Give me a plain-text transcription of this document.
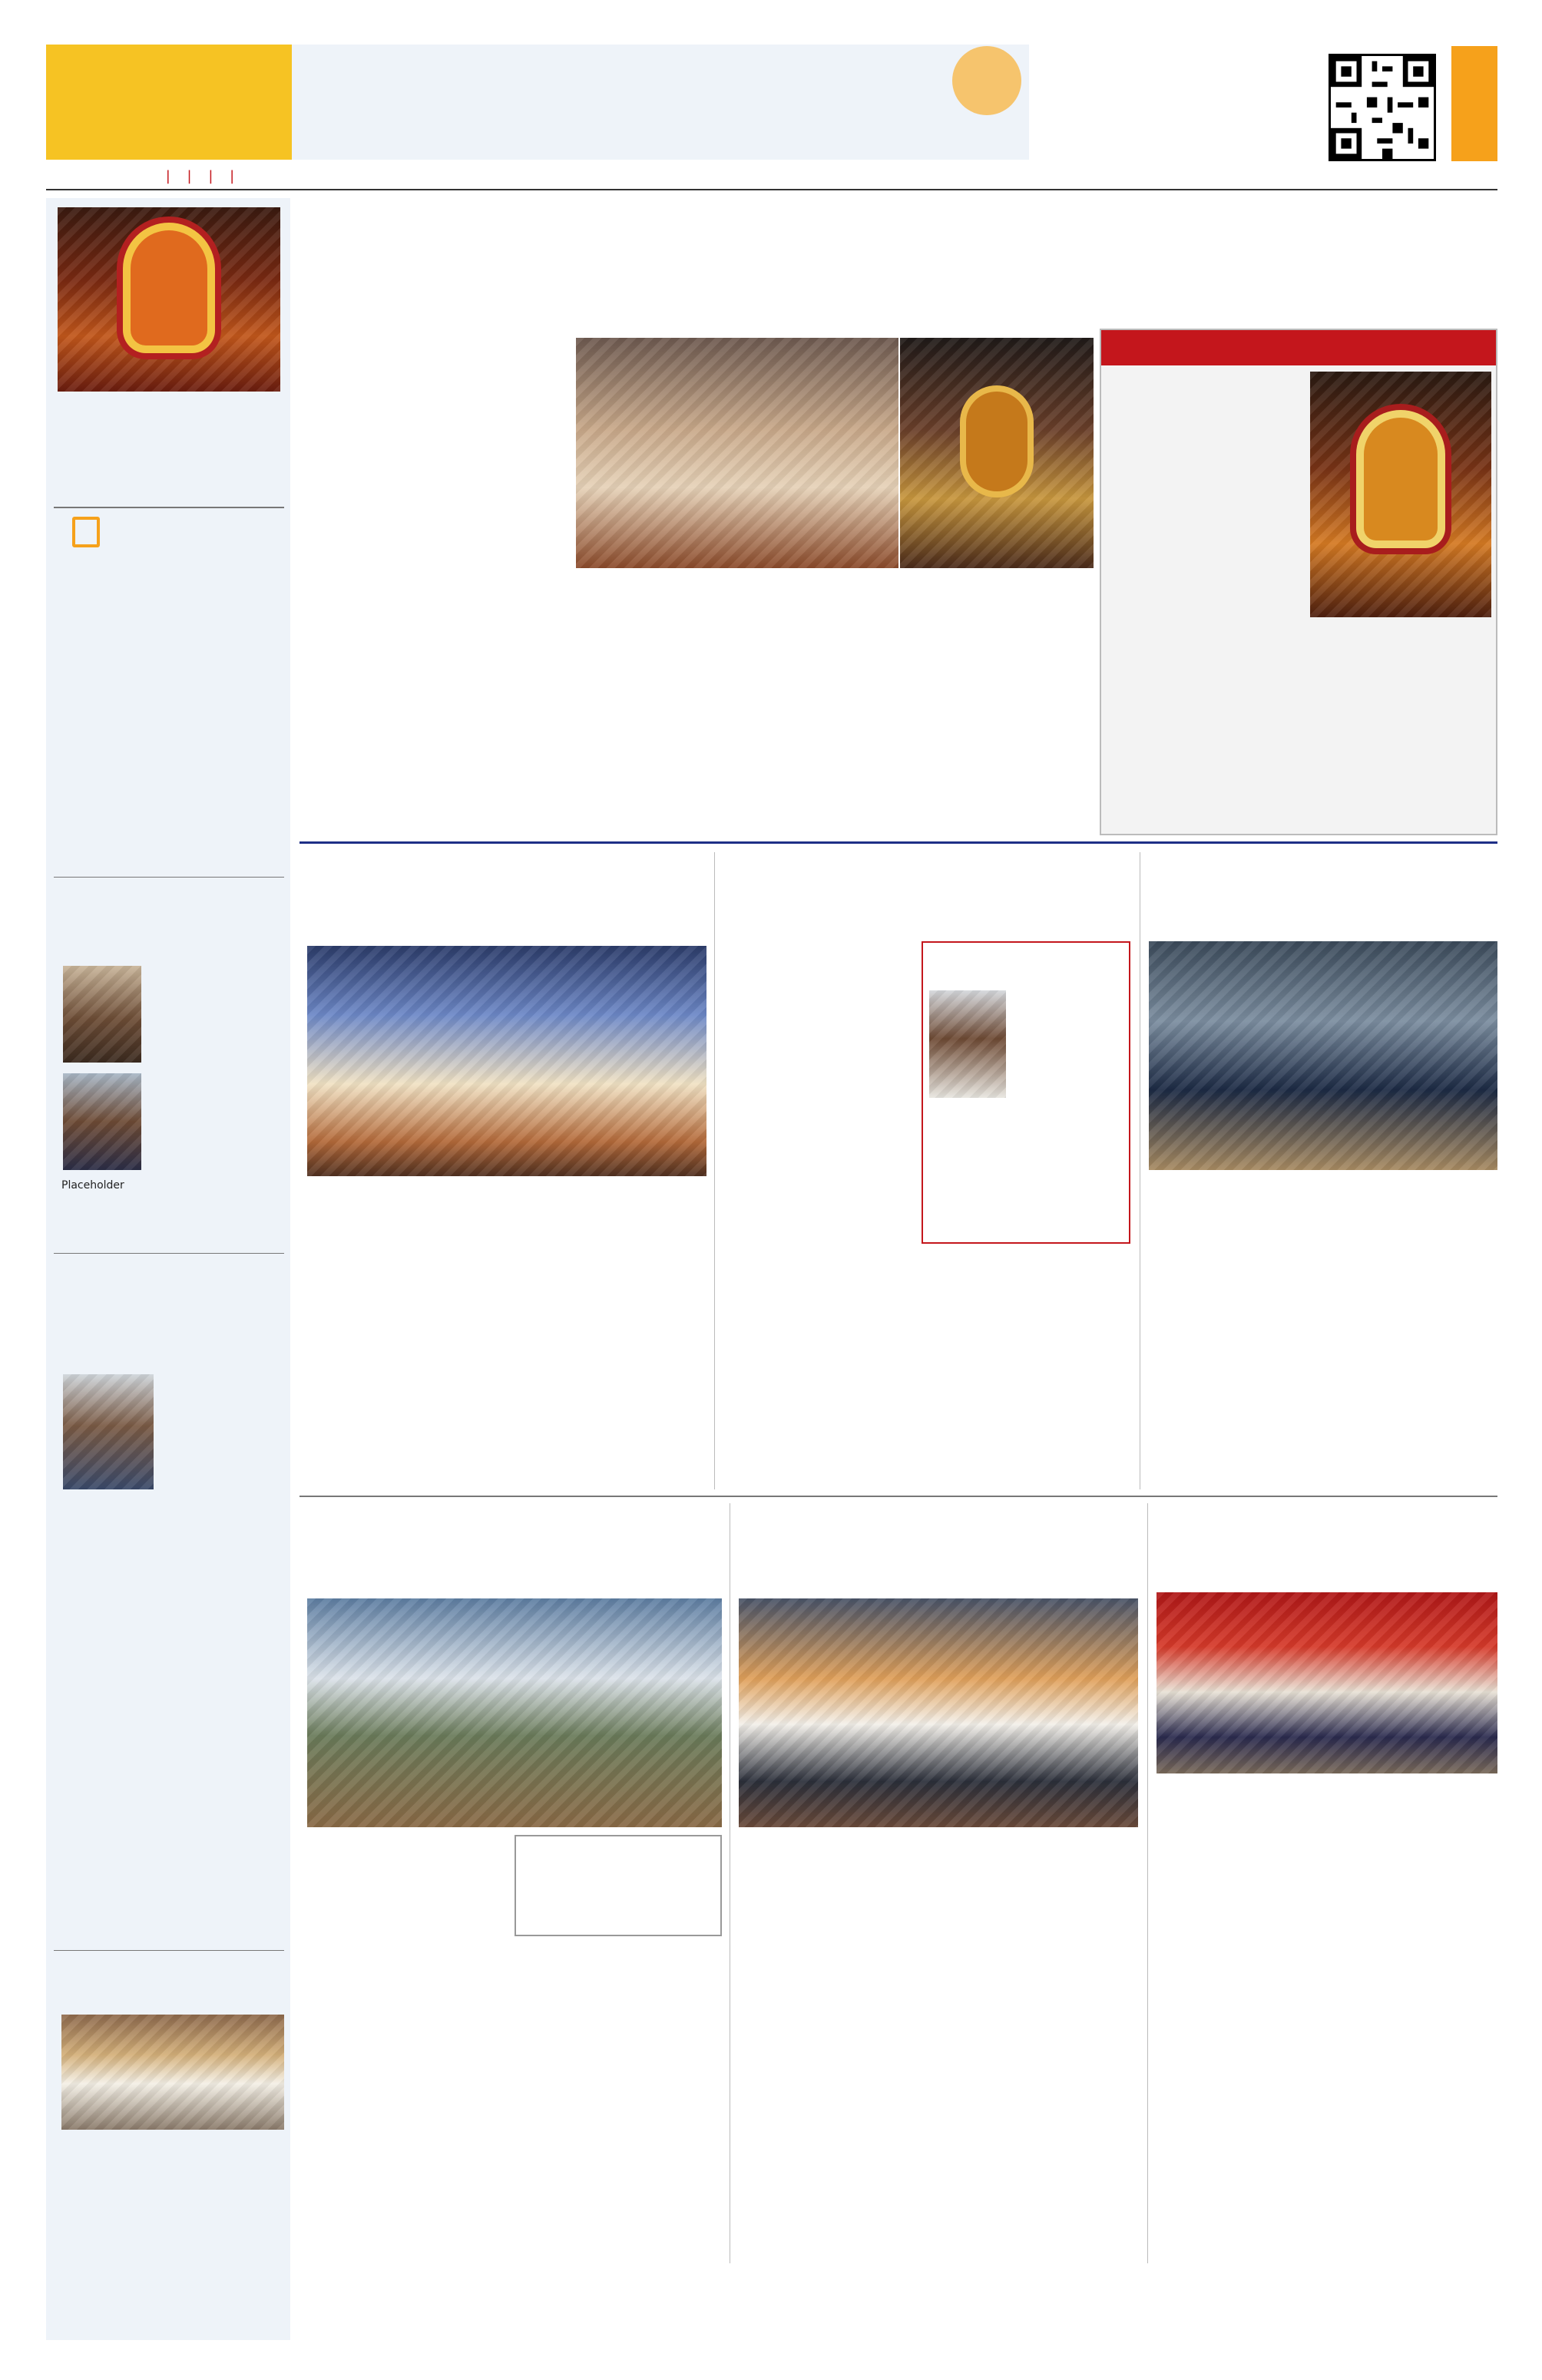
| | | |
Placeholder
